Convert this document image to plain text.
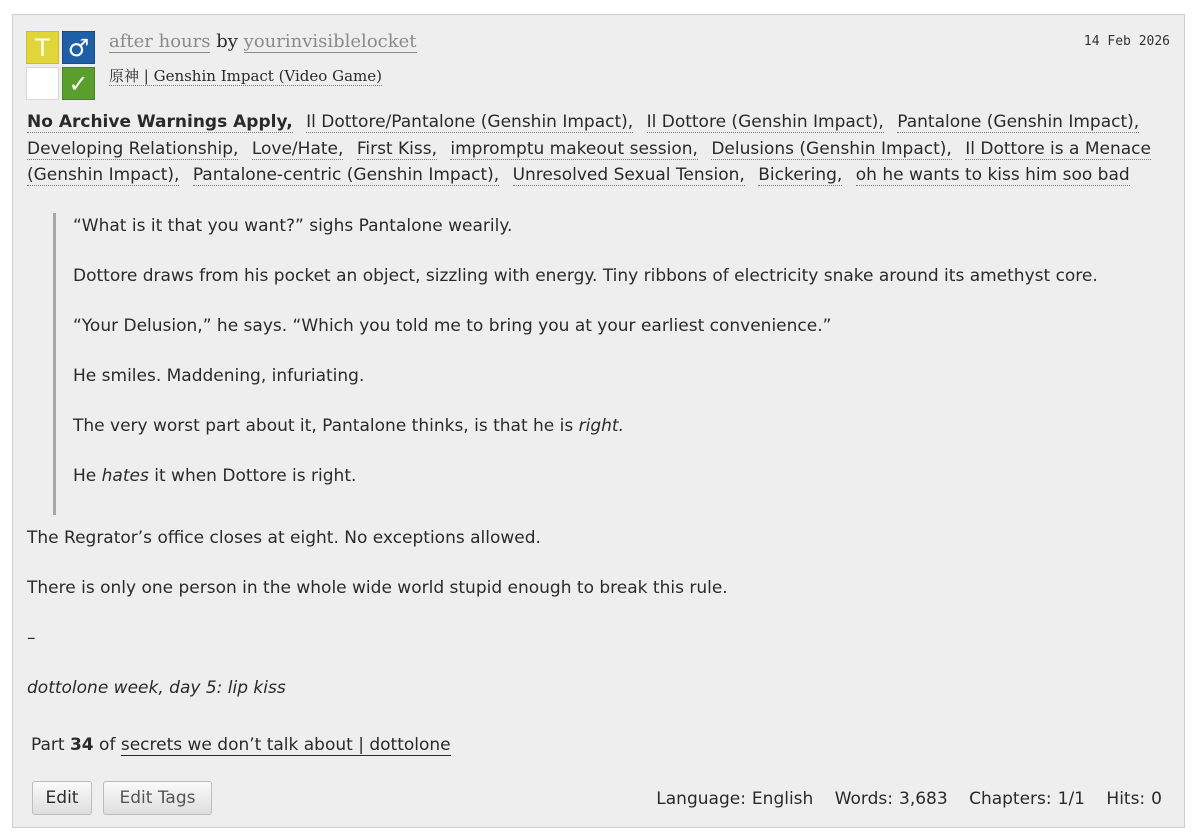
T ♂
✓
after hours by yourinvisiblelocket
原神 | Genshin Impact (Video Game)
14 Feb 2026
No Archive Warnings Apply, Il Dottore/Pantalone (Genshin Impact), Il Dottore (Genshin Impact), Pantalone (Genshin Impact), Developing Relationship, Love/Hate, First Kiss, impromptu makeout session, Delusions (Genshin Impact), Il Dottore is a Menace (Genshin Impact), Pantalone-centric (Genshin Impact), Unresolved Sexual Tension, Bickering, oh he wants to kiss him soo bad

“What is it that you want?” sighs Pantalone wearily.

Dottore draws from his pocket an object, sizzling with energy. Tiny ribbons of electricity snake around its amethyst core.

“Your Delusion,” he says. “Which you told me to bring you at your earliest convenience.”

He smiles. Maddening, infuriating.

The very worst part about it, Pantalone thinks, is that he is right.

He hates it when Dottore is right.

The Regrator’s office closes at eight. No exceptions allowed.

There is only one person in the whole wide world stupid enough to break this rule.

–

dottolone week, day 5: lip kiss

Part 34 of secrets we don’t talk about | dottolone
Edit	Edit Tags	Language: English Words: 3,683 Chapters: 1/1 Hits: 0
